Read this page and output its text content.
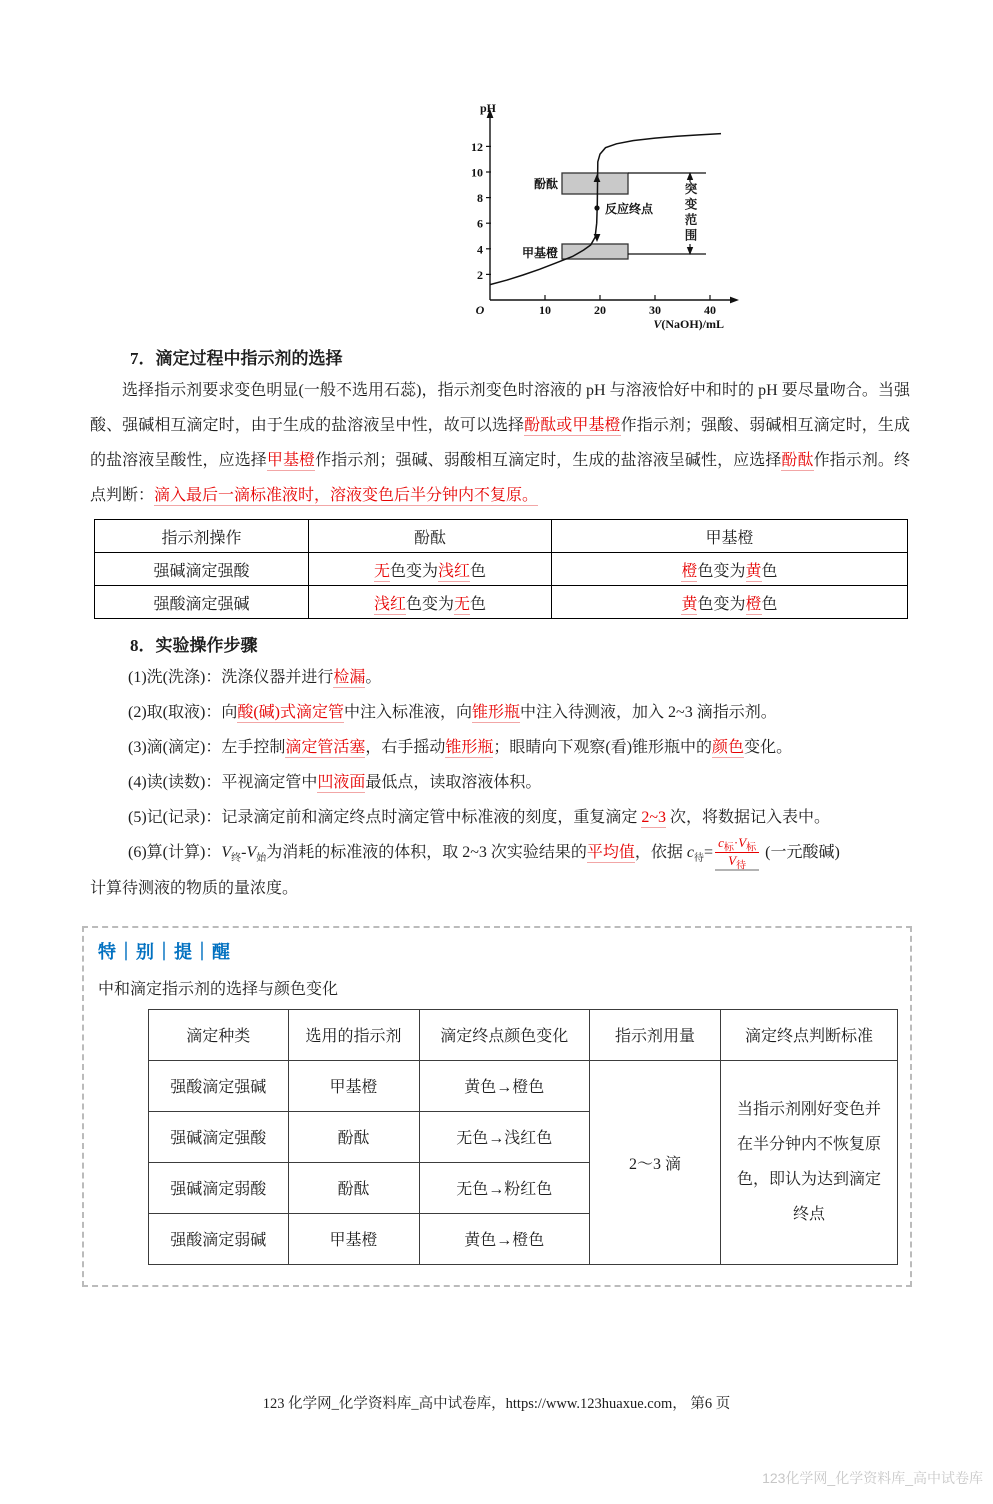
2
4
6
8
10
12
10	20	30	40
pH
O
V(NaOH)/mL
酚酞
甲基橙
反应终点 突变范围
7．滴定过程中指示剂的选择

选择指示剂要求变色明显(一般不选用石蕊)，指示剂变色时溶液的 pH 与溶液恰好中和时的 pH 要尽量吻合。当强酸、强碱相互滴定时，由于生成的盐溶液呈中性，故可以选择酚酞或甲基橙作指示剂；强酸、弱碱相互滴定时，生成的盐溶液呈酸性，应选择甲基橙作指示剂；强碱、弱酸相互滴定时，生成的盐溶液呈碱性，应选择酚酞作指示剂。终点判断：滴入最后一滴标准液时，溶液变色后半分钟内不复原。

指示剂操作	酚酞	甲基橙
强碱滴定强酸	无色变为浅红色	橙色变为黄色
强酸滴定强碱	浅红色变为无色	黄色变为橙色
8．实验操作步骤

(1)洗(洗涤)：洗涤仪器并进行检漏。

(2)取(取液)：向酸(碱)式滴定管中注入标准液，向锥形瓶中注入待测液，加入 2~3 滴指示剂。

(3)滴(滴定)：左手控制滴定管活塞，右手摇动锥形瓶；眼睛向下观察(看)锥形瓶中的颜色变化。

(4)读(读数)：平视滴定管中凹液面最低点，读取溶液体积。

(5)记(记录)：记录滴定前和滴定终点时滴定管中标准液的刻度，重复滴定 2~3 次，将数据记入表中。

(6)算(计算)：$V_终-V_始$为消耗的标准液的体积，取 2~3 次实验结果的平均值，依据 $c_待= \frac{c_标\cdot V_标}{V_待}$ (一元酸碱)

计算待测液的物质的量浓度。

特｜别｜提｜醒
中和滴定指示剂的选择与颜色变化
滴定种类	选用的指示剂	滴定终点颜色变化	指示剂用量	滴定终点判断标准
强酸滴定强碱	甲基橙	黄色→橙色	2～3 滴	当指示剂刚好变色并在半分钟内不恢复原色，即认为达到滴定终点
强碱滴定强酸	酚酞	无色→浅红色		
强碱滴定弱酸	酚酞	无色→粉红色		
强酸滴定弱碱	甲基橙	黄色→橙色		
123 化学网_化学资料库_高中试卷库，https://www.123huaxue.com， 第6 页
123化学网_化学资料库_高中试卷库
